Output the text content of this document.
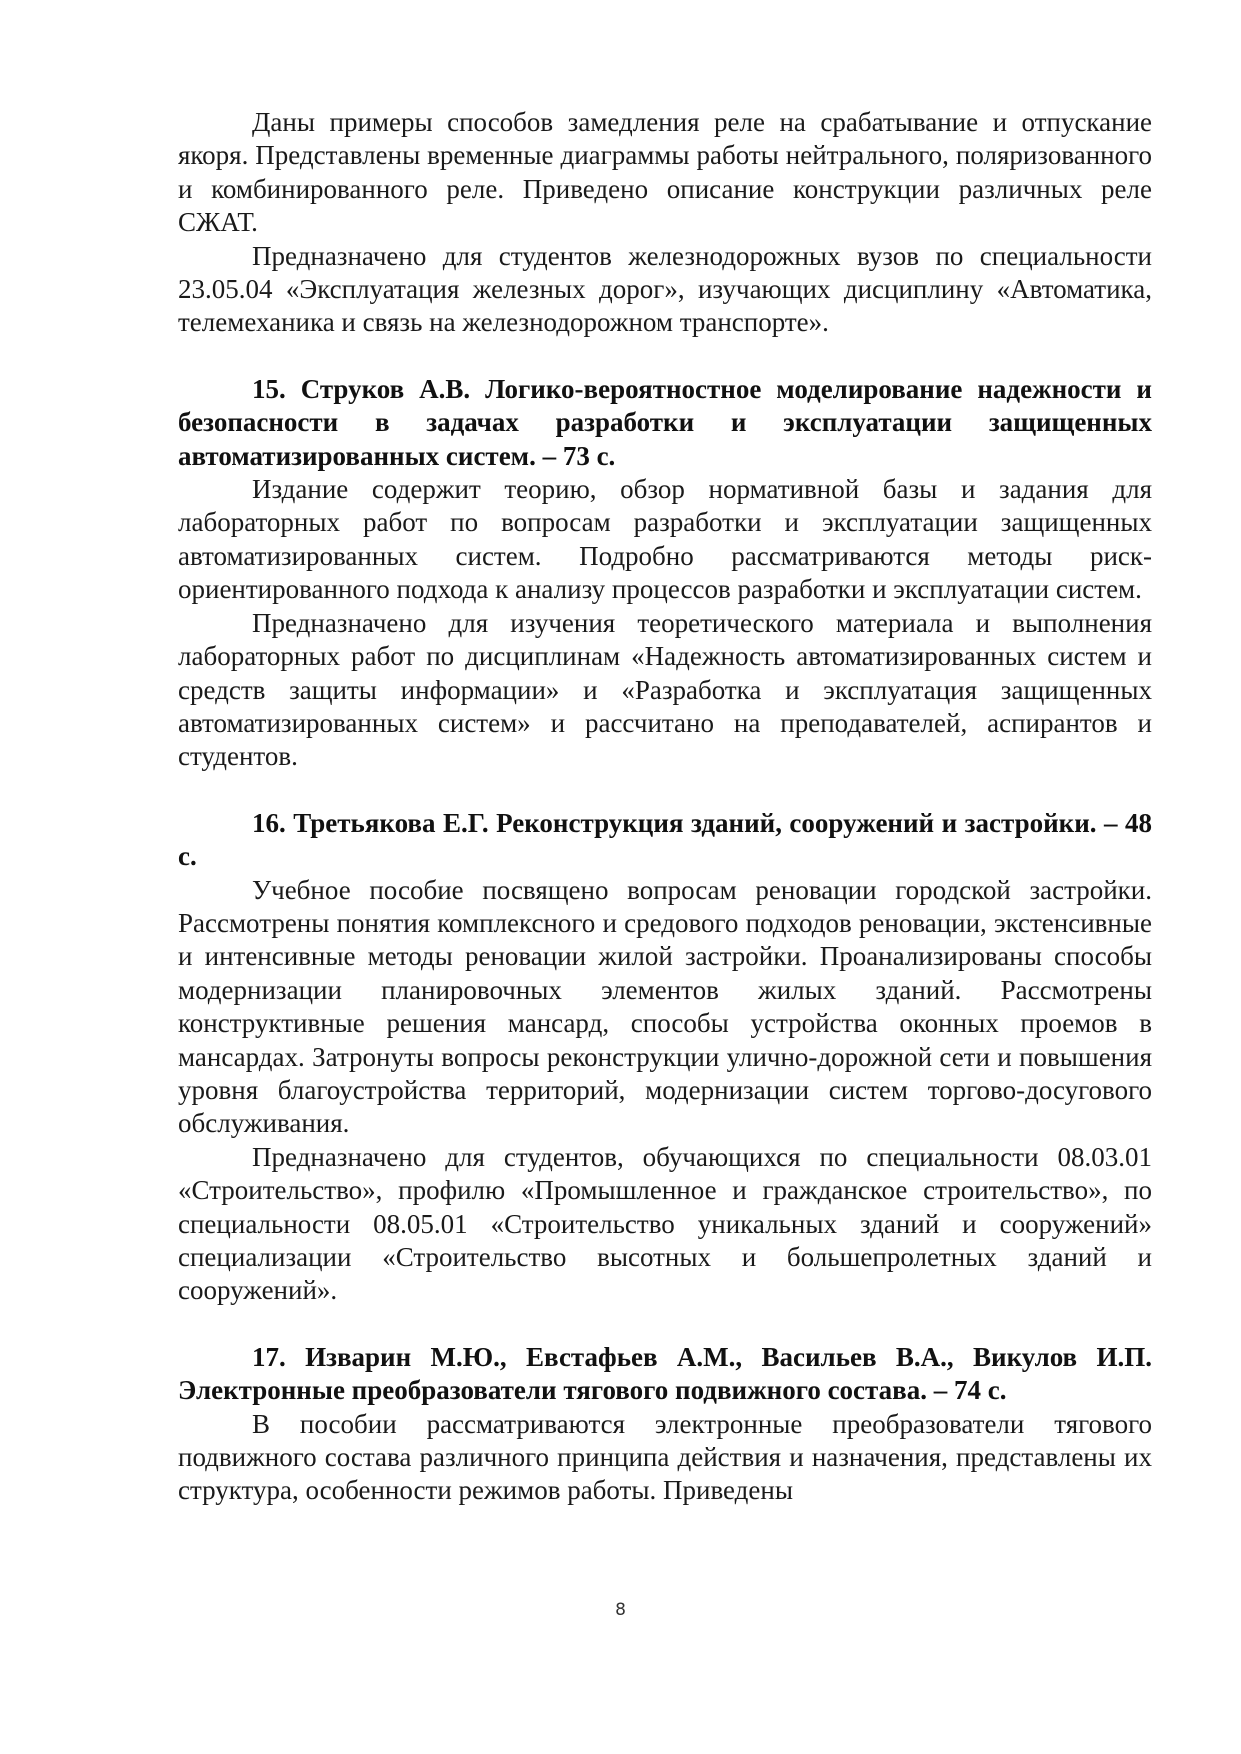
Даны примеры способов замедления реле на срабатывание и отпускание якоря. Представлены временные диаграммы работы нейтрального, поляризованного и комбинированного реле. Приведено описание конструкции различных реле СЖАТ.

Предназначено для студентов железнодорожных вузов по специальности 23.05.04 «Эксплуатация железных дорог», изучающих дисциплину «Автоматика, телемеханика и связь на железнодорожном транспорте».

15. Струков А.В. Логико-вероятностное моделирование надежности и безопасности в задачах разработки и эксплуатации защищенных автоматизированных систем. – 73 с.

Издание содержит теорию, обзор нормативной базы и задания для лабораторных работ по вопросам разработки и эксплуатации защищенных автоматизированных систем. Подробно рассматриваются методы риск-ориентированного подхода к анализу процессов разработки и эксплуатации систем.

Предназначено для изучения теоретического материала и выполнения лабораторных работ по дисциплинам «Надежность автоматизированных систем и средств защиты информации» и «Разработка и эксплуатация защищенных автоматизированных систем» и рассчитано на преподавателей, аспирантов и студентов.

16. Третьякова Е.Г. Реконструкция зданий, сооружений и застройки. – 48 с.

Учебное пособие посвящено вопросам реновации городской застройки. Рассмотрены понятия комплексного и средового подходов реновации, экстенсивные и интенсивные методы реновации жилой застройки. Проанализированы способы модернизации планировочных элементов жилых зданий. Рассмотрены конструктивные решения мансард, способы устройства оконных проемов в мансардах. Затронуты вопросы реконструкции улично-дорожной сети и повышения уровня благоустройства территорий, модернизации систем торгово-досугового обслуживания.

Предназначено для студентов, обучающихся по специальности 08.03.01 «Строительство», профилю «Промышленное и гражданское строительство», по специальности 08.05.01 «Строительство уникальных зданий и сооружений» специализации «Строительство высотных и большепролетных зданий и сооружений».

17. Изварин М.Ю., Евстафьев А.М., Васильев В.А., Викулов И.П. Электронные преобразователи тягового подвижного состава. – 74 с.

В пособии рассматриваются электронные преобразователи тягового подвижного состава различного принципа действия и назначения, представлены их структура, особенности режимов работы. Приведены

8
